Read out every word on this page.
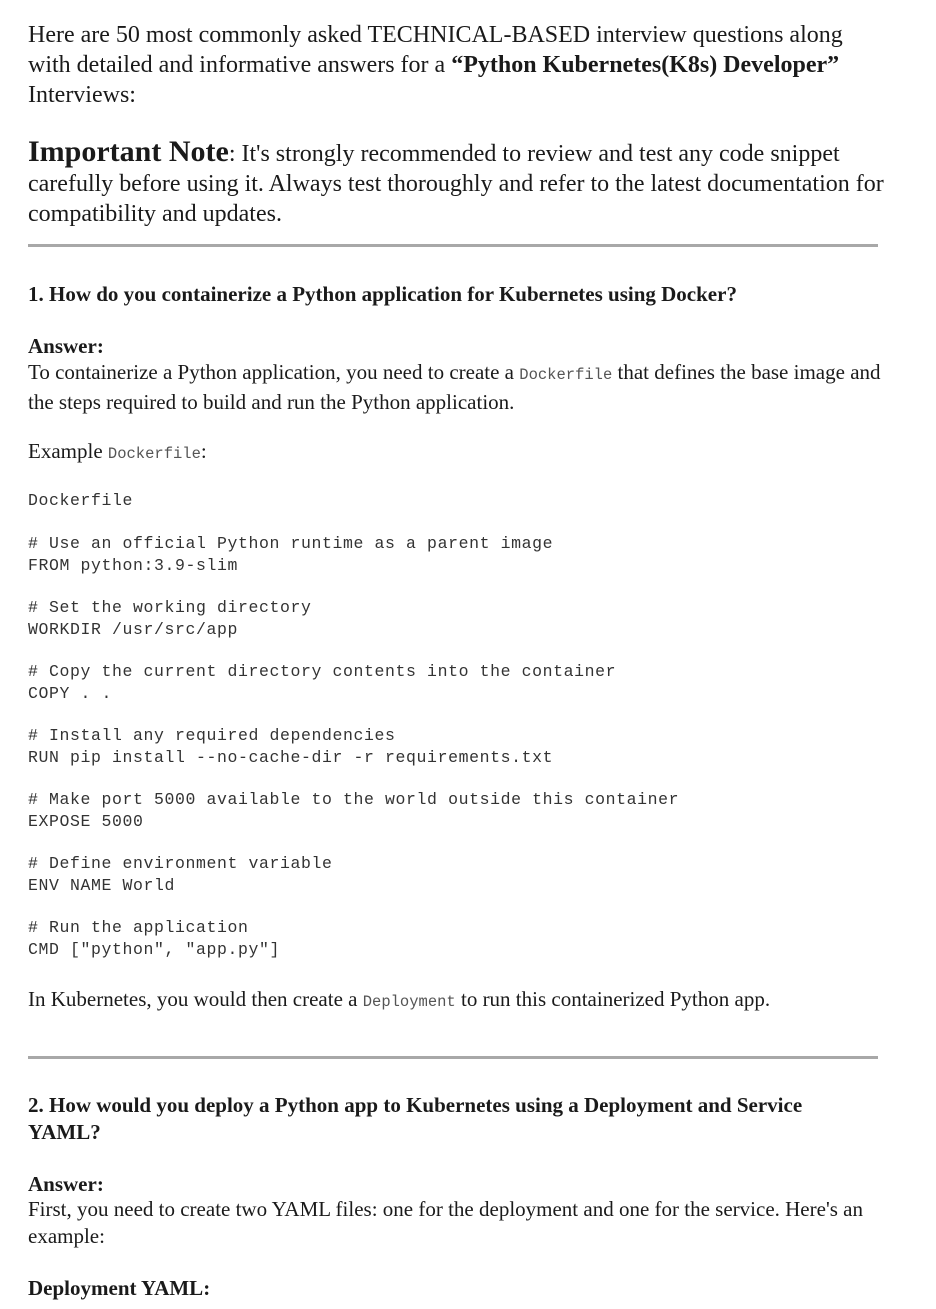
Here are 50 most commonly asked TECHNICAL-BASED interview questions along with detailed and informative answers for a “Python Kubernetes(K8s) Developer” Interviews:
Important Note: It's strongly recommended to review and test any code snippet carefully before using it. Always test thoroughly and refer to the latest documentation for compatibility and updates.
1. How do you containerize a Python application for Kubernetes using Docker?
Answer:
To containerize a Python application, you need to create a Dockerfile that defines the base image and the steps required to build and run the Python application.
Example Dockerfile:
Dockerfile
# Use an official Python runtime as a parent image
FROM python:3.9-slim
# Set the working directory
WORKDIR /usr/src/app
# Copy the current directory contents into the container
COPY . .
# Install any required dependencies
RUN pip install --no-cache-dir -r requirements.txt
# Make port 5000 available to the world outside this container
EXPOSE 5000
# Define environment variable
ENV NAME World
# Run the application
CMD ["python", "app.py"]
In Kubernetes, you would then create a Deployment to run this containerized Python app.
2. How would you deploy a Python app to Kubernetes using a Deployment and Service YAML?
Answer:
First, you need to create two YAML files: one for the deployment and one for the service. Here's an example:
Deployment YAML:
